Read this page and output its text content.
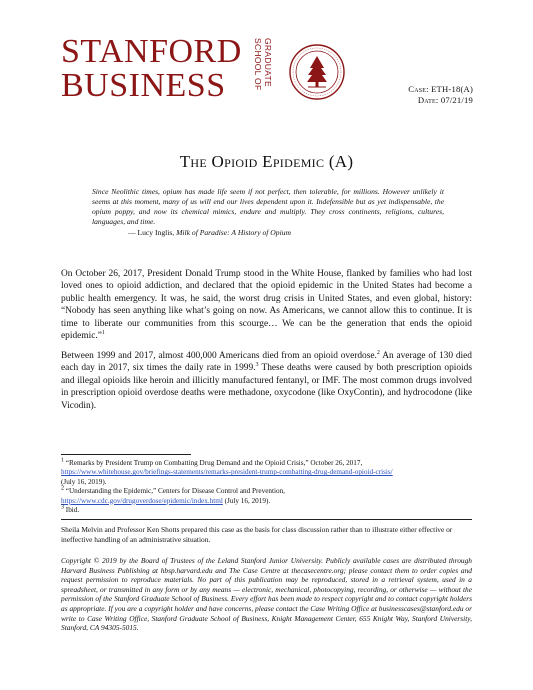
STANFORD
BUSINESS	GRADUATE
SCHOOL OF	Case: ETH-18(A)
Date: 07/21/19
The Opioid Epidemic (A)
Since Neolithic times, opium has made life seem if not perfect, then tolerable, for millions. However unlikely it seems at this moment, many of us will end our lives dependent upon it. Indefensible but as yet indispensable, the opium poppy, and now its chemical mimics, endure and multiply. They cross continents, religions, cultures, languages, and time.
— Lucy Inglis, Milk of Paradise: A History of Opium
On October 26, 2017, President Donald Trump stood in the White House, flanked by families who had lost loved ones to opioid addiction, and declared that the opioid epidemic in the United States had become a public health emergency. It was, he said, the worst drug crisis in United States, and even global, history: “Nobody has seen anything like what’s going on now. As Americans, we cannot allow this to continue. It is time to liberate our communities from this scourge… We can be the generation that ends the opioid epidemic.”$^1$
Between 1999 and 2017, almost 400,000 Americans died from an opioid overdose.$^2$ An average of 130 died each day in 2017, six times the daily rate in 1999.$^3$ These deaths were caused by both prescription opioids and illegal opioids like heroin and illicitly manufactured fentanyl, or IMF. The most common drugs involved in prescription opioid overdose deaths were methadone, oxycodone (like OxyContin), and hydrocodone (like Vicodin).
$^1$ “Remarks by President Trump on Combatting Drug Demand and the Opioid Crisis,” October 26, 2017,
https://www.whitehouse.gov/briefings-statements/remarks-president-trump-combatting-drug-demand-opioid-crisis/
(July 16, 2019).
$^2$ “Understanding the Epidemic,” Centers for Disease Control and Prevention,
https://www.cdc.gov/drugoverdose/epidemic/index.html (July 16, 2019).
$^3$ Ibid.
Sheila Melvin and Professor Ken Shotts prepared this case as the basis for class discussion rather than to illustrate either effective or ineffective handling of an administrative situation.
Copyright © 2019 by the Board of Trustees of the Leland Stanford Junior University. Publicly available cases are distributed through Harvard Business Publishing at hbsp.harvard.edu and The Case Centre at thecasecentre.org; please contact them to order copies and request permission to reproduce materials. No part of this publication may be reproduced, stored in a retrieval system, used in a spreadsheet, or transmitted in any form or by any means — electronic, mechanical, photocopying, recording, or otherwise — without the permission of the Stanford Graduate School of Business. Every effort has been made to respect copyright and to contact copyright holders as appropriate. If you are a copyright holder and have concerns, please contact the Case Writing Office at businesscases@stanford.edu or write to Case Writing Office, Stanford Graduate School of Business, Knight Management Center, 655 Knight Way, Stanford University, Stanford, CA 94305-5015.
